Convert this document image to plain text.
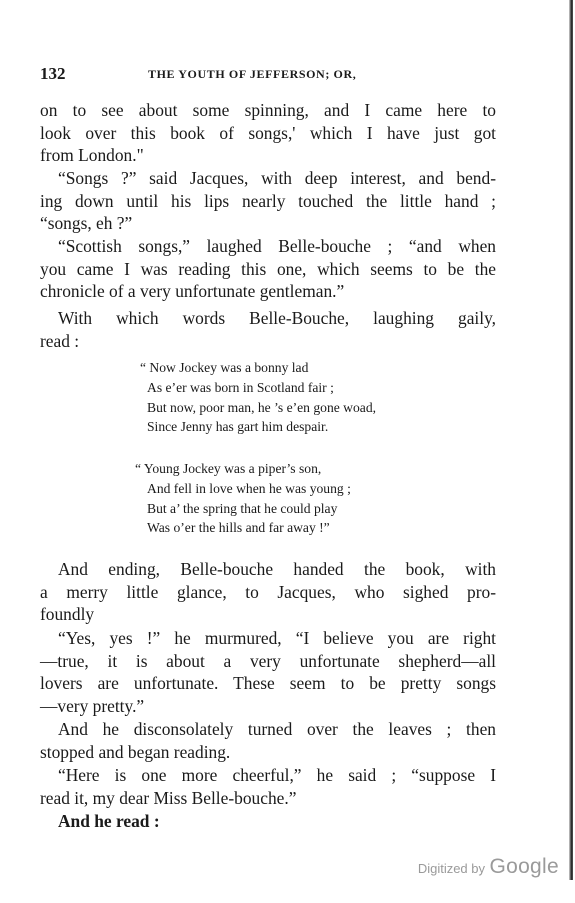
132	THE YOUTH OF JEFFERSON; OR,
on to see about some spinning, and I came here to
look over this book of songs,' which I have just got
from London."
“Songs ?” said Jacques, with deep interest, and bend-
ing down until his lips nearly touched the little hand ;
“songs, eh ?”
“Scottish songs,” laughed Belle-bouche ; “and when
you came I was reading this one, which seems to be the
chronicle of a very unfortunate gentleman.”
With which words Belle-Bouche, laughing gaily,
read :
“ Now Jockey was a bonny lad
As e’er was born in Scotland fair ;
But now, poor man, he ’s e’en gone woad,
Since Jenny has gart him despair.
“ Young Jockey was a piper’s son,
And fell in love when he was young ;
But a’ the spring that he could play
Was o’er the hills and far away !”
And ending, Belle-bouche handed the book, with
a merry little glance, to Jacques, who sighed pro-
foundly
“Yes, yes !” he murmured, “I believe you are right
—true, it is about a very unfortunate shepherd—all
lovers are unfortunate. These seem to be pretty songs
—very pretty.”
And he disconsolately turned over the leaves ; then
stopped and began reading.
“Here is one more cheerful,” he said ; “suppose I
read it, my dear Miss Belle-bouche.”
And he read :
Digitized by Google
